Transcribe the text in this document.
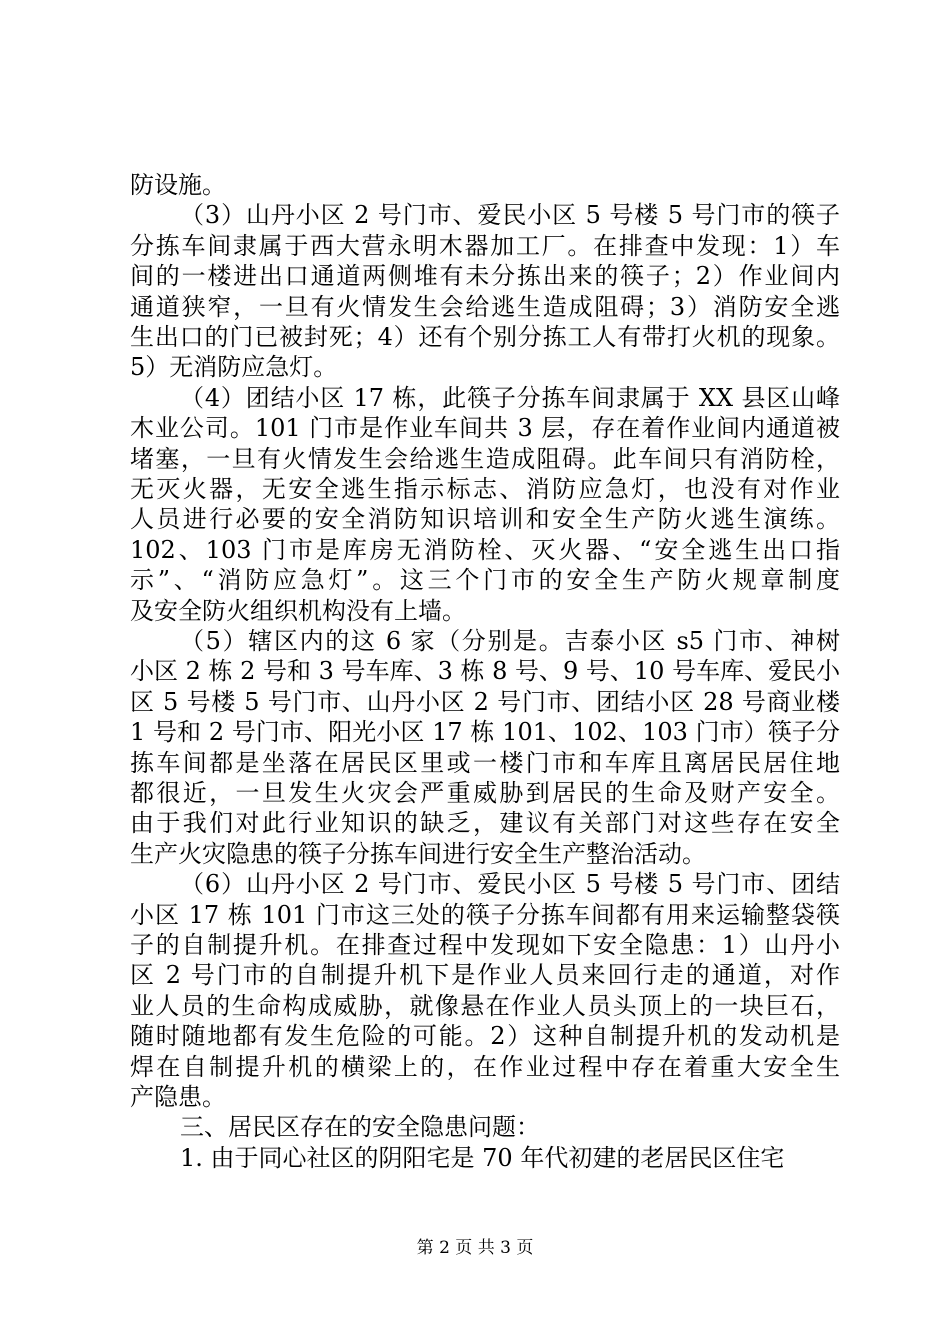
防设施。
（3）山丹小区 2 号门市、爱民小区 5 号楼 5 号门市的筷子
分拣车间隶属于西大营永明木器加工厂。在排查中发现：1）车
间的一楼进出口通道两侧堆有未分拣出来的筷子；2）作业间内
通道狭窄，一旦有火情发生会给逃生造成阻碍；3）消防安全逃
生出口的门已被封死；4）还有个别分拣工人有带打火机的现象。
5）无消防应急灯。
（4）团结小区 17 栋，此筷子分拣车间隶属于 XX 县区山峰
木业公司。101 门市是作业车间共 3 层，存在着作业间内通道被
堵塞，一旦有火情发生会给逃生造成阻碍。此车间只有消防栓，
无灭火器，无安全逃生指示标志、消防应急灯，也没有对作业
人员进行必要的安全消防知识培训和安全生产防火逃生演练。
102、103 门市是库房无消防栓、灭火器、“安全逃生出口指
示”、“消防应急灯”。这三个门市的安全生产防火规章制度
及安全防火组织机构没有上墙。
（5）辖区内的这 6 家（分别是。吉泰小区 s5 门市、神树
小区 2 栋 2 号和 3 号车库、3 栋 8 号、9 号、10 号车库、爱民小
区 5 号楼 5 号门市、山丹小区 2 号门市、团结小区 28 号商业楼
1 号和 2 号门市、阳光小区 17 栋 101、102、103 门市）筷子分
拣车间都是坐落在居民区里或一楼门市和车库且离居民居住地
都很近，一旦发生火灾会严重威胁到居民的生命及财产安全。
由于我们对此行业知识的缺乏，建议有关部门对这些存在安全
生产火灾隐患的筷子分拣车间进行安全生产整治活动。
（6）山丹小区 2 号门市、爱民小区 5 号楼 5 号门市、团结
小区 17 栋 101 门市这三处的筷子分拣车间都有用来运输整袋筷
子的自制提升机。在排查过程中发现如下安全隐患：1）山丹小
区 2 号门市的自制提升机下是作业人员来回行走的通道，对作
业人员的生命构成威胁，就像悬在作业人员头顶上的一块巨石，
随时随地都有发生危险的可能。2）这种自制提升机的发动机是
焊在自制提升机的横梁上的，在作业过程中存在着重大安全生
产隐患。
三、居民区存在的安全隐患问题：
1. 由于同心社区的阴阳宅是 70 年代初建的老居民区住宅
第 2 页 共 3 页
